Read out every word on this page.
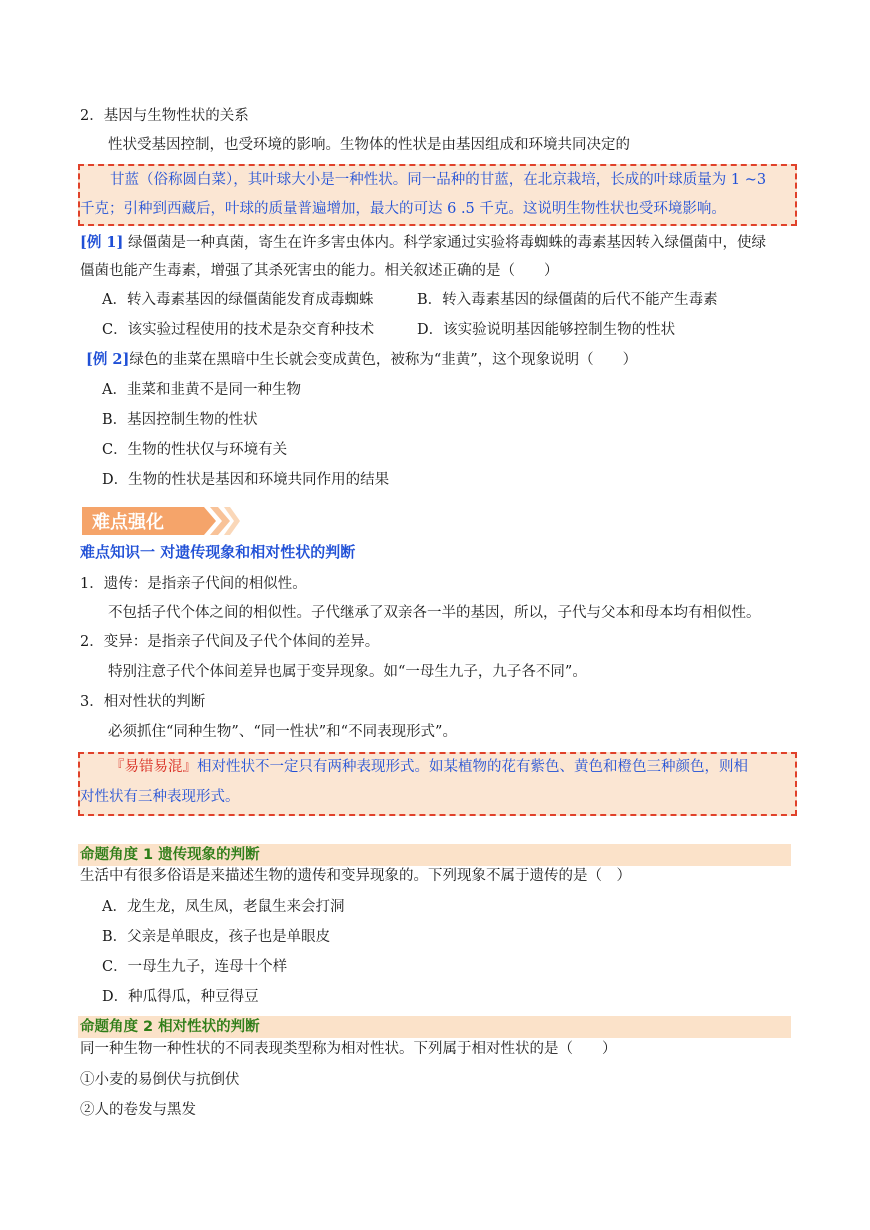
2．基因与生物性状的关系
性状受基因控制，也受环境的影响。生物体的性状是由基因组成和环境共同决定的
甘蓝（俗称圆白菜），其叶球大小是一种性状。同一品种的甘蓝，在北京栽培，长成的叶球质量为 1 ~3
千克；引种到西藏后，叶球的质量普遍增加，最大的可达 6 .5 千克。这说明生物性状也受环境影响。
[例 1] 绿僵菌是一种真菌，寄生在许多害虫体内。科学家通过实验将毒蜘蛛的毒素基因转入绿僵菌中，使绿
僵菌也能产生毒素，增强了其杀死害虫的能力。相关叙述正确的是（　　）
A．转入毒素基因的绿僵菌能发育成毒蜘蛛	B．转入毒素基因的绿僵菌的后代不能产生毒素
C．该实验过程使用的技术是杂交育种技术	D．该实验说明基因能够控制生物的性状
[例 2]绿色的韭菜在黑暗中生长就会变成黄色，被称为“韭黄”，这个现象说明（　　）
A．韭菜和韭黄不是同一种生物
B．基因控制生物的性状
C．生物的性状仅与环境有关
D．生物的性状是基因和环境共同作用的结果
难点强化
难点知识一 对遗传现象和相对性状的判断
1．遗传：是指亲子代间的相似性。
不包括子代个体之间的相似性。子代继承了双亲各一半的基因，所以，子代与父本和母本均有相似性。
2．变异：是指亲子代间及子代个体间的差异。
特别注意子代个体间差异也属于变异现象。如“一母生九子，九子各不同”。
3．相对性状的判断
必须抓住“同种生物”、“同一性状”和“不同表现形式”。
『易错易混』相对性状不一定只有两种表现形式。如某植物的花有紫色、黄色和橙色三种颜色，则相
对性状有三种表现形式。
命题角度 1 遗传现象的判断
生活中有很多俗语是来描述生物的遗传和变异现象的。下列现象不属于遗传的是（　）
A．龙生龙，凤生凤，老鼠生来会打洞
B．父亲是单眼皮，孩子也是单眼皮
C．一母生九子，连母十个样
D．种瓜得瓜，种豆得豆
命题角度 2 相对性状的判断
同一种生物一种性状的不同表现类型称为相对性状。下列属于相对性状的是（　　）
①小麦的易倒伏与抗倒伏
②人的卷发与黑发
